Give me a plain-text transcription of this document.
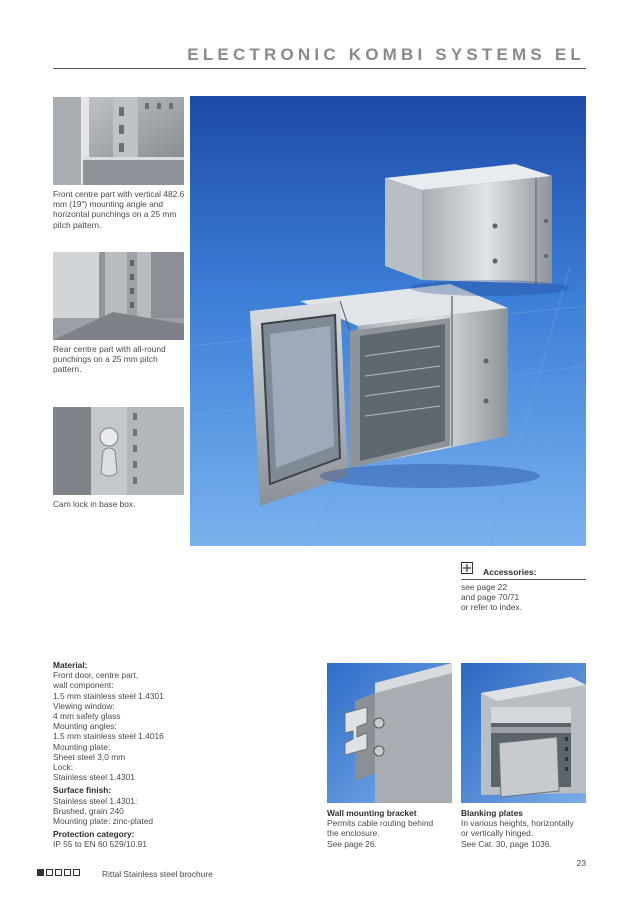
ELECTRONIC KOMBI SYSTEMS EL
Front centre part with vertical 482.6 mm (19") mounting angle and horizontal punchings on a 25 mm pitch pattern.
Rear centre part with all-round punchings on a 25 mm pitch pattern.
Cam lock in base box.
Accessories:
see page 22
and page 70/71
or refer to index.
Material:
Front door, centre part,
wall component:
1.5 mm stainless steel 1.4301
Viewing window:
4 mm safety glass
Mounting angles:
1.5 mm stainless steel 1.4016
Mounting plate:
Sheet steel 3,0 mm
Lock:
Stainless steel 1.4301
Surface finish:
Stainless steel 1.4301:
Brushed, grain 240
Mounting plate: zinc-plated
Protection category:
IP 55 to EN 60 529/10.91
Wall mounting bracket
Permits cable routing behind
the enclosure.
See page 26.
Blanking plates
In various heights, horizontally
or vertically hinged.
See Cat. 30, page 1036.
23
Rittal Stainless steel brochure
